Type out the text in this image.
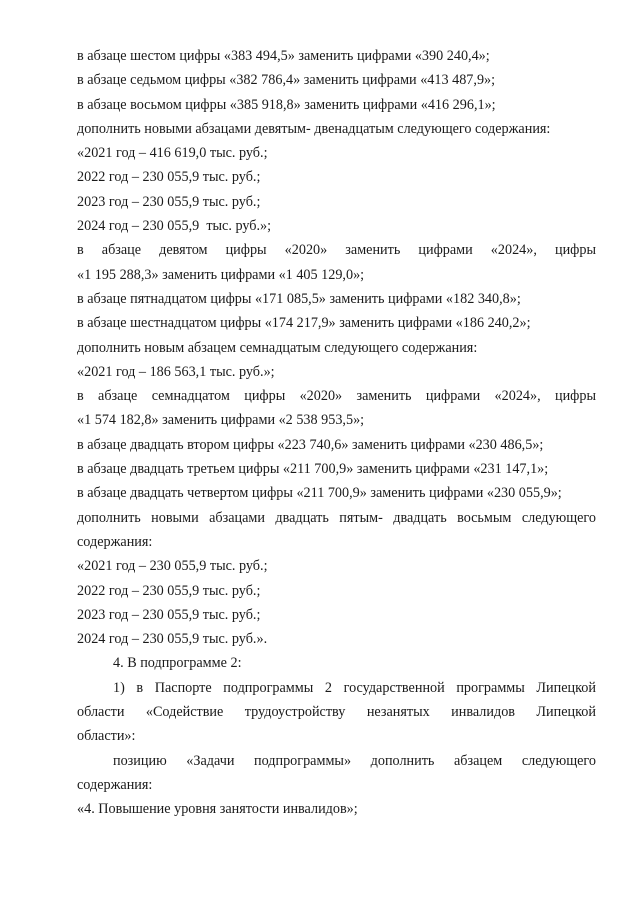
в абзаце шестом цифры «383 494,5» заменить цифрами «390 240,4»;
в абзаце седьмом цифры «382 786,4» заменить цифрами «413 487,9»;
в абзаце восьмом цифры «385 918,8» заменить цифрами «416 296,1»;
дополнить новыми абзацами девятым- двенадцатым следующего содержания:
«2021 год – 416 619,0 тыс. руб.;
2022 год – 230 055,9 тыс. руб.;
2023 год – 230 055,9 тыс. руб.;
2024 год – 230 055,9  тыс. руб.»;
в абзаце девятом цифры «2020» заменить цифрами «2024», цифры
«1 195 288,3» заменить цифрами «1 405 129,0»;
в абзаце пятнадцатом цифры «171 085,5» заменить цифрами «182 340,8»;
в абзаце шестнадцатом цифры «174 217,9» заменить цифрами «186 240,2»;
дополнить новым абзацем семнадцатым следующего содержания:
«2021 год – 186 563,1 тыс. руб.»;
в абзаце семнадцатом цифры «2020» заменить цифрами «2024», цифры
«1 574 182,8» заменить цифрами «2 538 953,5»;
в абзаце двадцать втором цифры «223 740,6» заменить цифрами «230 486,5»;
в абзаце двадцать третьем цифры «211 700,9» заменить цифрами «231 147,1»;
в абзаце двадцать четвертом цифры «211 700,9» заменить цифрами «230 055,9»;
дополнить новыми абзацами двадцать пятым- двадцать восьмым следующего
содержания:
«2021 год – 230 055,9 тыс. руб.;
2022 год – 230 055,9 тыс. руб.;
2023 год – 230 055,9 тыс. руб.;
2024 год – 230 055,9 тыс. руб.».
4. В подпрограмме 2:
1) в Паспорте подпрограммы 2 государственной программы Липецкой
области «Содействие трудоустройству незанятых инвалидов Липецкой
области»:
позицию «Задачи подпрограммы» дополнить абзацем следующего
содержания:
«4. Повышение уровня занятости инвалидов»;
